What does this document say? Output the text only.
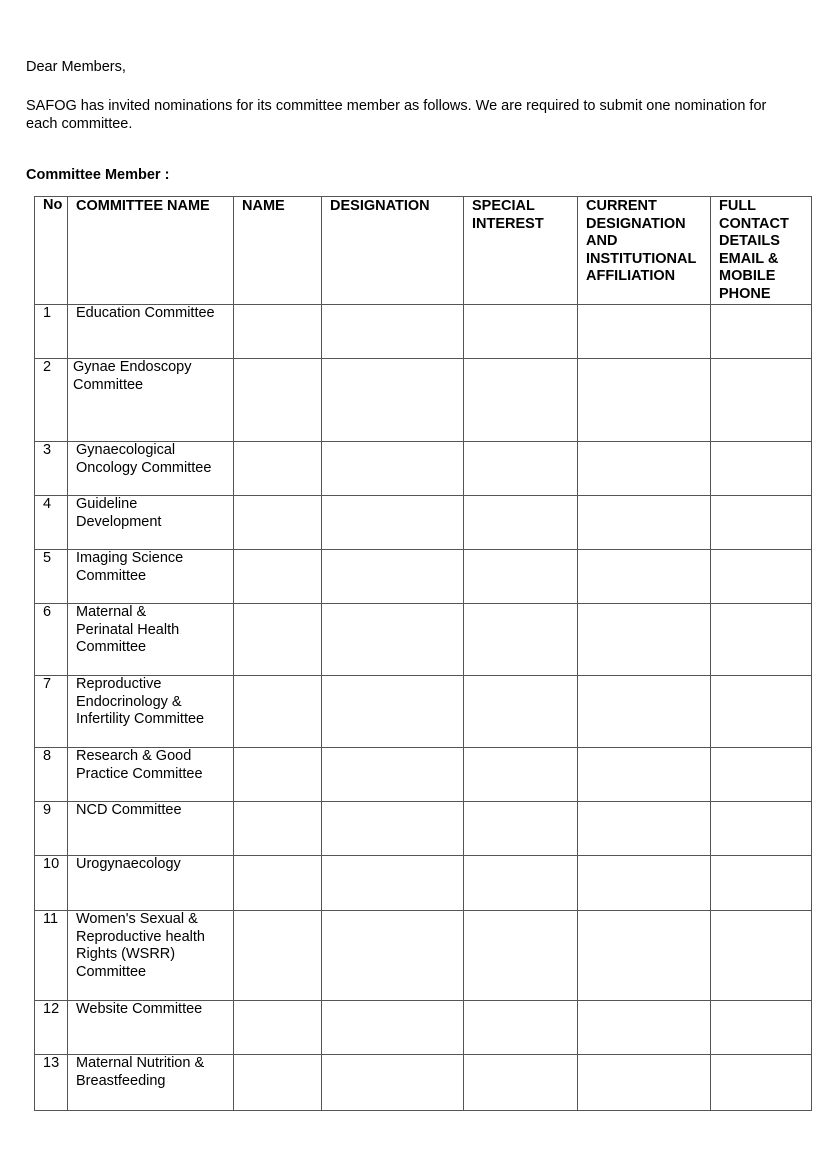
Dear Members,
SAFOG has invited nominations for its committee member as follows. We are required to submit one nomination for each committee.
Committee Member :
No	COMMITTEE NAME	NAME	DESIGNATION	SPECIAL INTEREST	CURRENT DESIGNATION AND INSTITUTIONAL AFFILIATION	FULL CONTACT DETAILS EMAIL & MOBILE PHONE
1	Education Committee					
2	Gynae Endoscopy Committee					
3	Gynaecological Oncology Committee					
4	Guideline Development					
5	Imaging Science Committee					
6	Maternal & Perinatal Health Committee					
7	Reproductive Endocrinology & Infertility Committee					
8	Research & Good Practice Committee					
9	NCD Committee					
10	Urogynaecology					
11	Women's Sexual & Reproductive health Rights (WSRR) Committee					
12	Website Committee					
13	Maternal Nutrition & Breastfeeding					
